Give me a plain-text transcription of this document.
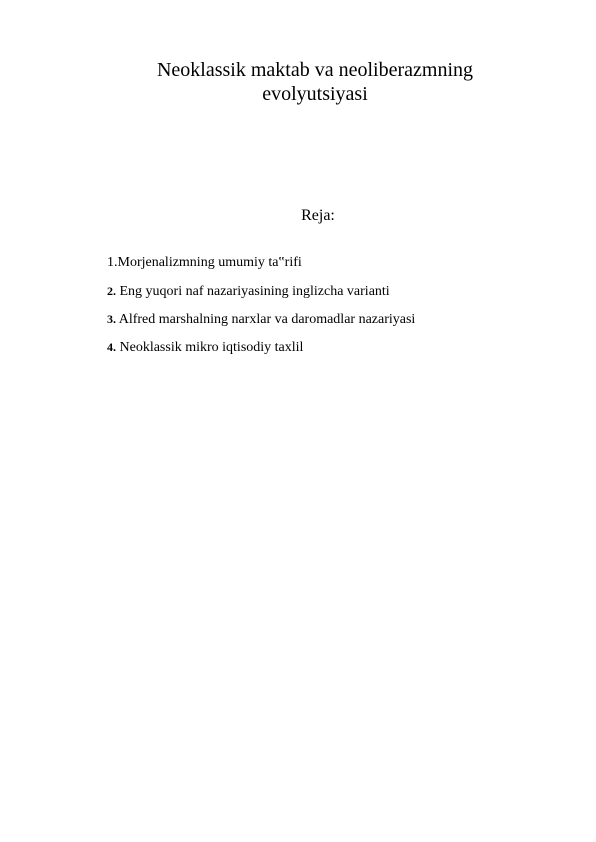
Neoklassik maktab va neoliberazmning
evolyutsiyasi
Reja:
1.Morjenalizmning umumiy ta‟rifi
2. Eng yuqori naf nazariyasining inglizcha varianti
3. Alfred marshalning narxlar va daromadlar nazariyasi
4. Neoklassik mikro iqtisodiy taxlil
